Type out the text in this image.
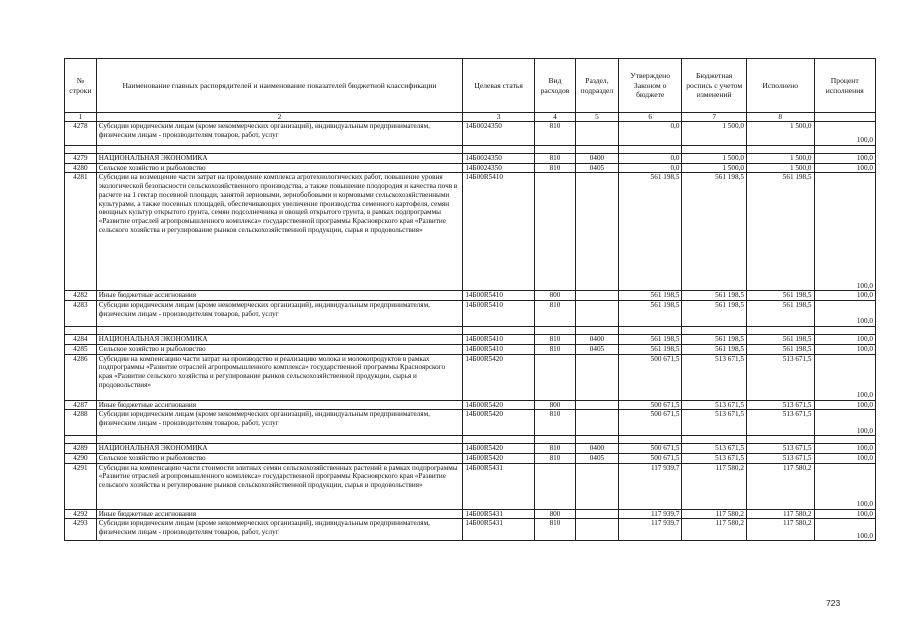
№ строки	Наименование главных распорядителей и наименование показателей бюджетной классификации	Целевая статья	Вид расходов	Раздел, подраздел	Утверждено Законом о бюджете	Бюджетная роспись с учетом изменений	Исполнено	Процент исполнения
1	2	3	4	5	6	7	8	
4278	Субсидии юридическим лицам (кроме некоммерческих организаций), индивидуальным предпринимателям, физическим лицам - производителям товаров, работ, услуг	14Б0024350	810		0,0	1 500,0	1 500,0	100,0

4279	НАЦИОНАЛЬНАЯ ЭКОНОМИКА	14Б0024350	810	0400	0,0	1 500,0	1 500,0	100,0
4280	Сельское хозяйство и рыболовство	14Б0024350	810	0405	0,0	1 500,0	1 500,0	100,0
4281	Субсидии на возмещение части затрат на проведение комплекса агротехнологических работ, повышение уровня экологической безопасности сельскохозяйственного производства, а также повышение плодородия и качества почв в расчете на 1 гектар посевной площади, занятой зерновыми, зернобобовыми и кормовыми сельскохозяйственными культурами, а также посевных площадей, обеспечивающих увеличение производства семенного картофеля, семян овощных культур открытого грунта, семян подсолнечника и овощей открытого грунта, в рамках подпрограммы «Развитие отраслей агропромышленного комплекса» государственной программы Красноярского края «Развитие сельского хозяйства и регулирование рынков сельскохозяйственной продукции, сырья и продовольствия»	14Б00R5410			561 198,5	561 198,5	561 198,5	100,0
4282	Иные бюджетные ассигнования	14Б00R5410	800		561 198,5	561 198,5	561 198,5	100,0
4283	Субсидии юридическим лицам (кроме некоммерческих организаций), индивидуальным предпринимателям, физическим лицам - производителям товаров, работ, услуг	14Б00R5410	810		561 198,5	561 198,5	561 198,5	100,0

4284	НАЦИОНАЛЬНАЯ ЭКОНОМИКА	14Б00R5410	810	0400	561 198,5	561 198,5	561 198,5	100,0
4285	Сельское хозяйство и рыболовство	14Б00R5410	810	0405	561 198,5	561 198,5	561 198,5	100,0
4286	Субсидии на компенсацию части затрат на производство и реализацию молока и молокопродуктов в рамках подпрограммы «Развитие отраслей агропромышленного комплекса» государственной программы Красноярского края «Развитие сельского хозяйства и регулирование рынков сельскохозяйственной продукции, сырья и продовольствия»	14Б00R5420			500 671,5	513 671,5	513 671,5	100,0
4287	Иные бюджетные ассигнования	14Б00R5420	800		500 671,5	513 671,5	513 671,5	100,0
4288	Субсидии юридическим лицам (кроме некоммерческих организаций), индивидуальным предпринимателям, физическим лицам - производителям товаров, работ, услуг	14Б00R5420	810		500 671,5	513 671,5	513 671,5	100,0

4289	НАЦИОНАЛЬНАЯ ЭКОНОМИКА	14Б00R5420	810	0400	500 671,5	513 671,5	513 671,5	100,0
4290	Сельское хозяйство и рыболовство	14Б00R5420	810	0405	500 671,5	513 671,5	513 671,5	100,0
4291	Субсидии на компенсацию части стоимости элитных семян сельскохозяйственных растений в рамках подпрограммы «Развитие отраслей агропромышленного комплекса» государственной программы Красноярского края «Развитие сельского хозяйства и регулирование рынков сельскохозяйственной продукции, сырья и продовольствия»	14Б00R5431			117 939,7	117 580,2	117 580,2	100,0
4292	Иные бюджетные ассигнования	14Б00R5431	800		117 939,7	117 580,2	117 580,2	100,0
4293	Субсидии юридическим лицам (кроме некоммерческих организаций), индивидуальным предпринимателям, физическим лицам - производителям товаров, работ, услуг	14Б00R5431	810		117 939,7	117 580,2	117 580,2	100,0
723
